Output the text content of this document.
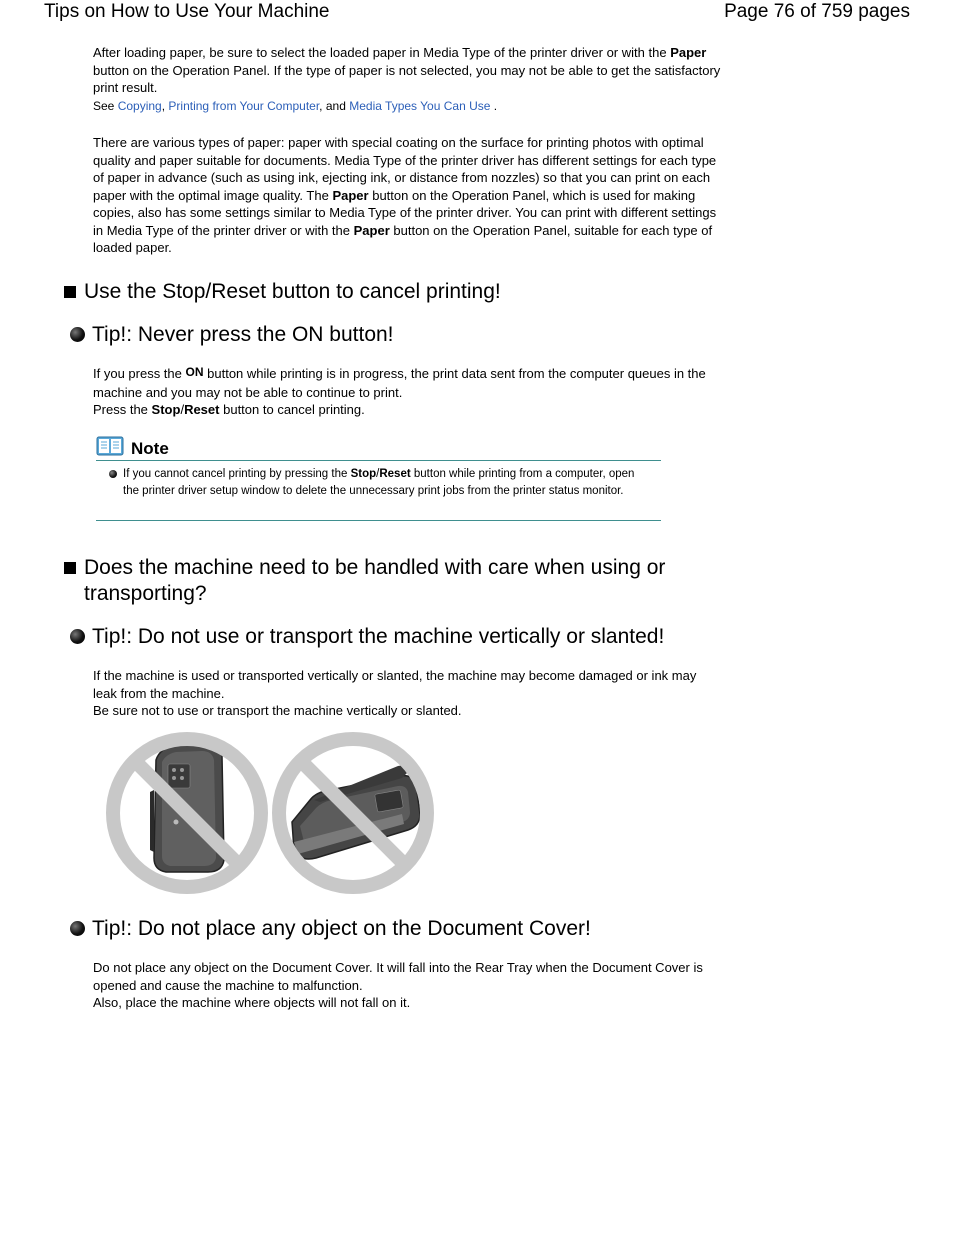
Tips on How to Use Your Machine	Page 76 of 759 pages
After loading paper, be sure to select the loaded paper in Media Type of the printer driver or with the Paper button on the Operation Panel. If the type of paper is not selected, you may not be able to get the satisfactory print result.
See Copying, Printing from Your Computer, and Media Types You Can Use .
There are various types of paper: paper with special coating on the surface for printing photos with optimal quality and paper suitable for documents. Media Type of the printer driver has different settings for each type of paper in advance (such as using ink, ejecting ink, or distance from nozzles) so that you can print on each paper with the optimal image quality. The Paper button on the Operation Panel, which is used for making copies, also has some settings similar to Media Type of the printer driver. You can print with different settings in Media Type of the printer driver or with the Paper button on the Operation Panel, suitable for each type of loaded paper.
Use the Stop/Reset button to cancel printing!
Tip!: Never press the ON button!
If you press the ON button while printing is in progress, the print data sent from the computer queues in the machine and you may not be able to continue to print.
Press the Stop/Reset button to cancel printing.
Note
If you cannot cancel printing by pressing the Stop/Reset button while printing from a computer, open the printer driver setup window to delete the unnecessary print jobs from the printer status monitor.
Does the machine need to be handled with care when using or transporting?
Tip!: Do not use or transport the machine vertically or slanted!
If the machine is used or transported vertically or slanted, the machine may become damaged or ink may leak from the machine.
Be sure not to use or transport the machine vertically or slanted.
Tip!: Do not place any object on the Document Cover!
Do not place any object on the Document Cover. It will fall into the Rear Tray when the Document Cover is opened and cause the machine to malfunction.
Also, place the machine where objects will not fall on it.
